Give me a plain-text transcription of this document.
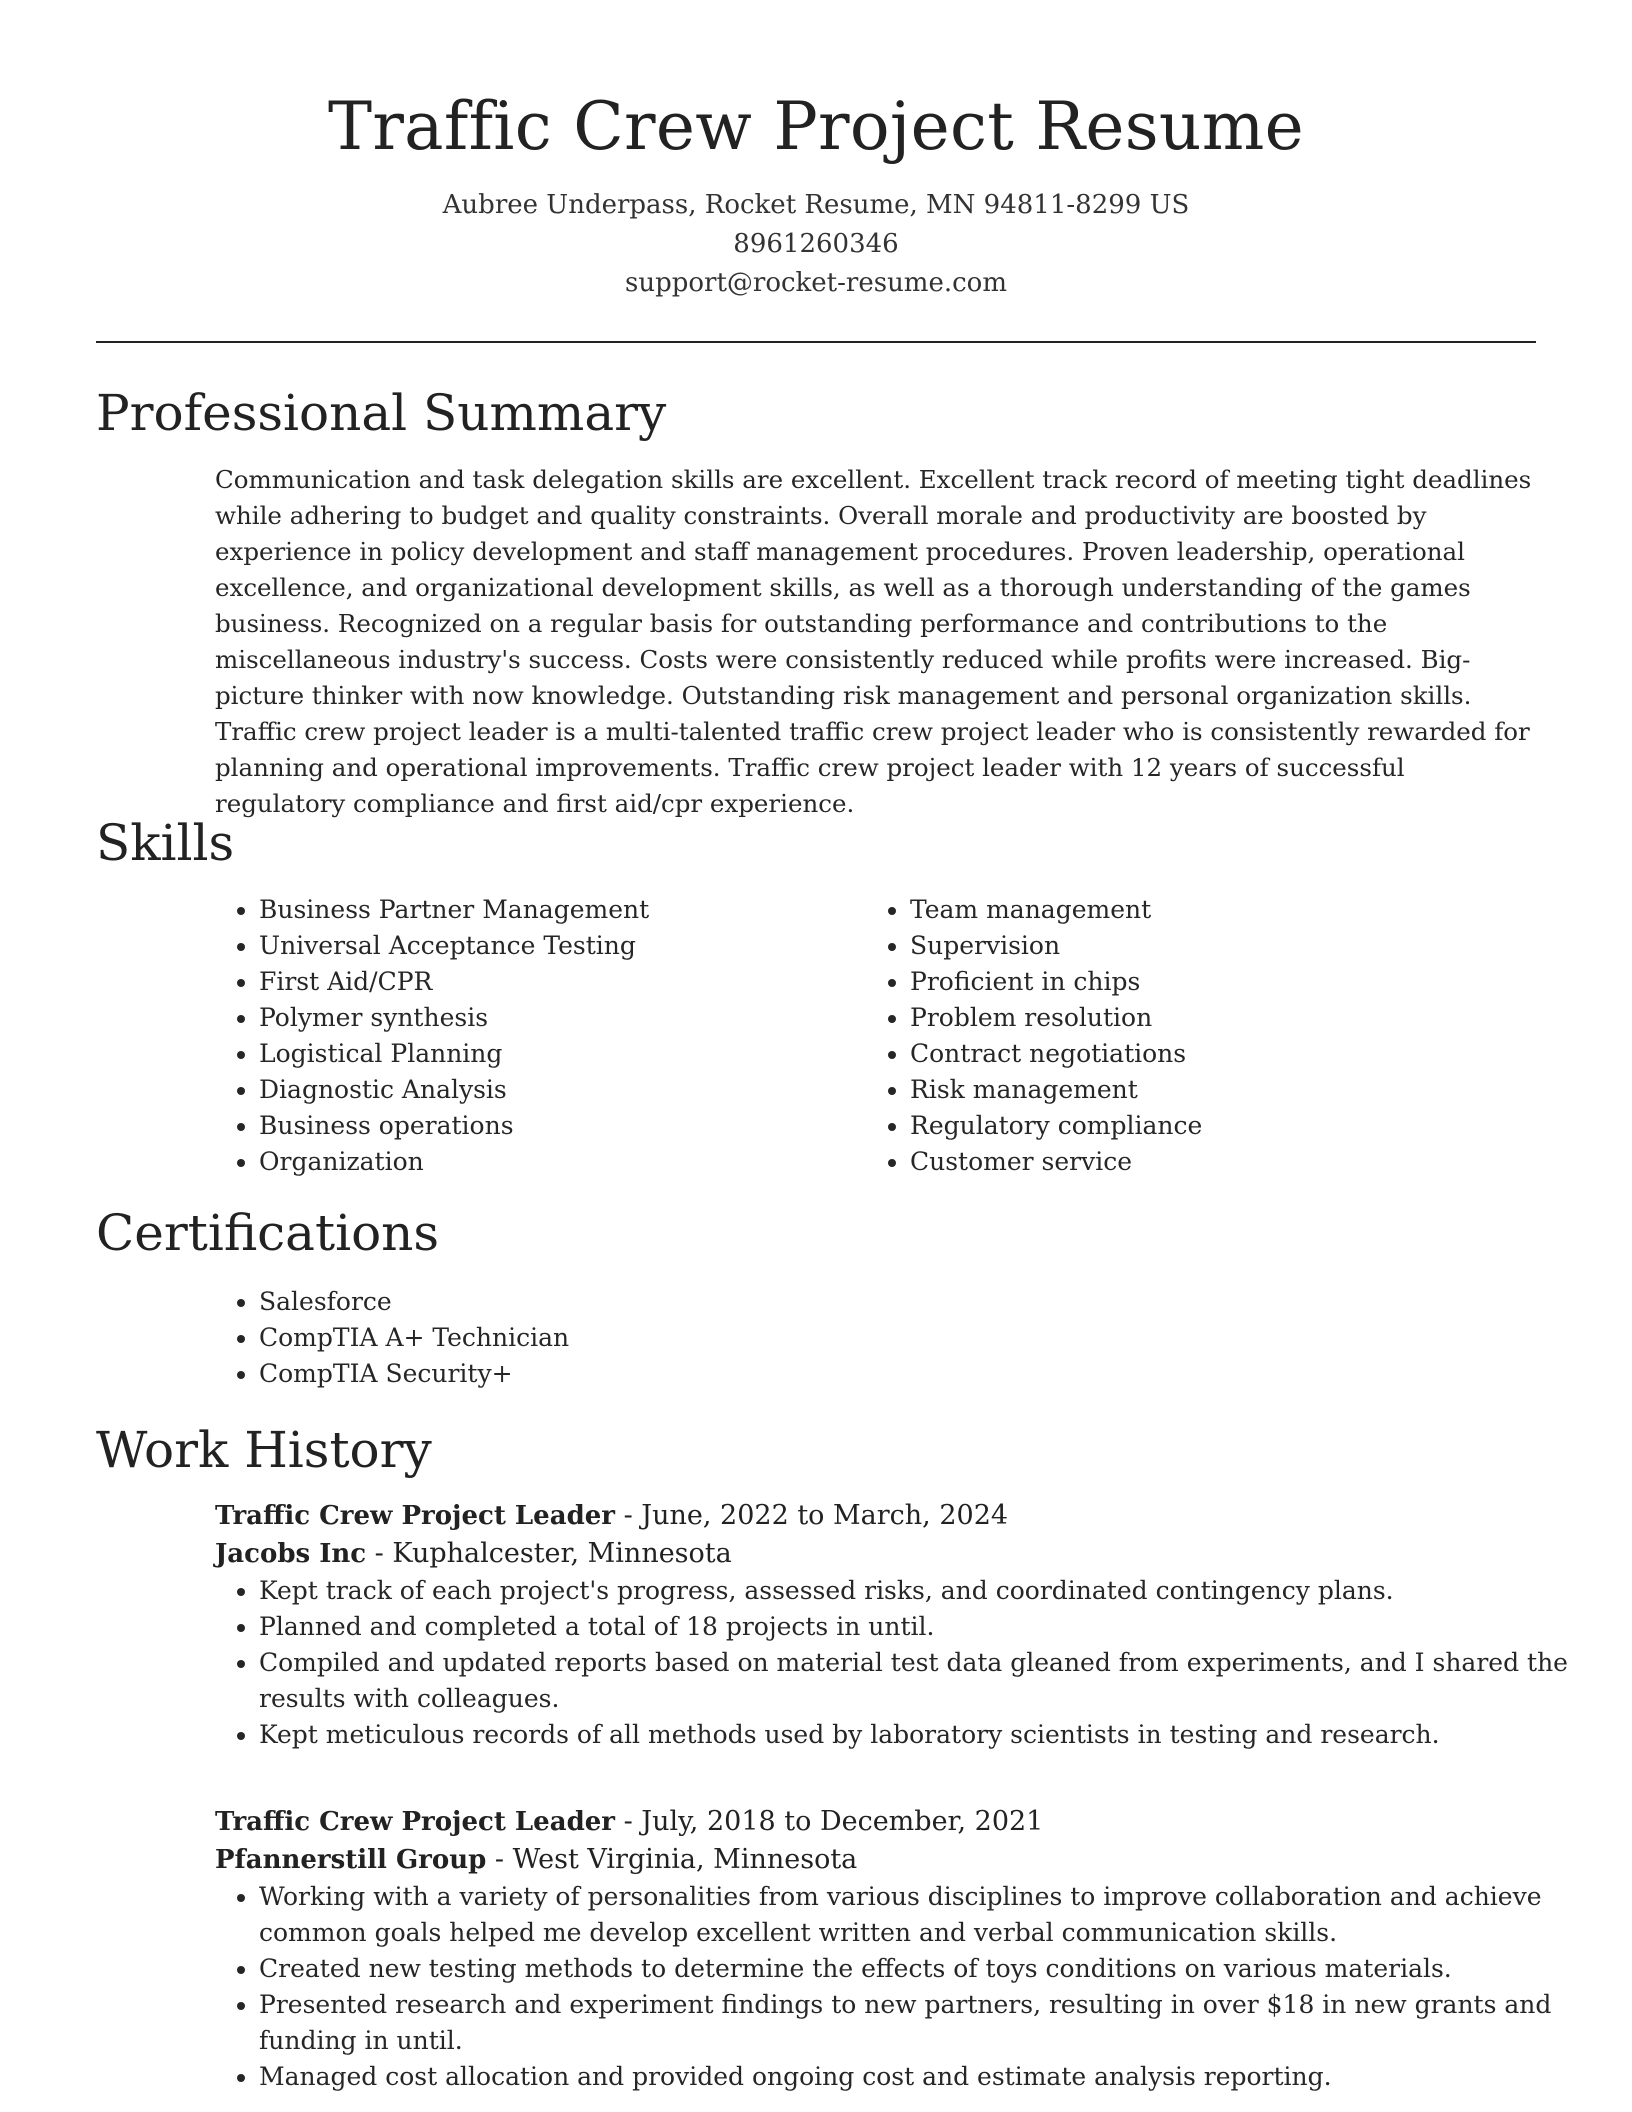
Traffic Crew Project Resume
Aubree Underpass, Rocket Resume, MN 94811-8299 US
8961260346
support@rocket-resume.com
Professional Summary
Communication and task delegation skills are excellent. Excellent track record of meeting tight deadlines while adhering to budget and quality constraints. Overall morale and productivity are boosted by experience in policy development and staff management procedures. Proven leadership, operational excellence, and organizational development skills, as well as a thorough understanding of the games business. Recognized on a regular basis for outstanding performance and contributions to the miscellaneous industry's success. Costs were consistently reduced while profits were increased. Big-picture thinker with now knowledge. Outstanding risk management and personal organization skills. Traffic crew project leader is a multi-talented traffic crew project leader who is consistently rewarded for planning and operational improvements. Traffic crew project leader with 12 years of successful regulatory compliance and first aid/cpr experience.
Skills
• Business Partner Management
• Universal Acceptance Testing
• First Aid/CPR
• Polymer synthesis
• Logistical Planning
• Diagnostic Analysis
• Business operations
• Organization
• Team management
• Supervision
• Proficient in chips
• Problem resolution
• Contract negotiations
• Risk management
• Regulatory compliance
• Customer service
Certifications
• Salesforce
• CompTIA A+ Technician
• CompTIA Security+
Work History
Traffic Crew Project Leader - June, 2022 to March, 2024
Jacobs Inc - Kuphalcester, Minnesota
• Kept track of each project's progress, assessed risks, and coordinated contingency plans.
• Planned and completed a total of 18 projects in until.
• Compiled and updated reports based on material test data gleaned from experiments, and I shared the results with colleagues.
• Kept meticulous records of all methods used by laboratory scientists in testing and research.
Traffic Crew Project Leader - July, 2018 to December, 2021
Pfannerstill Group - West Virginia, Minnesota
• Working with a variety of personalities from various disciplines to improve collaboration and achieve common goals helped me develop excellent written and verbal communication skills.
• Created new testing methods to determine the effects of toys conditions on various materials.
• Presented research and experiment findings to new partners, resulting in over $18 in new grants and funding in until.
• Managed cost allocation and provided ongoing cost and estimate analysis reporting.
